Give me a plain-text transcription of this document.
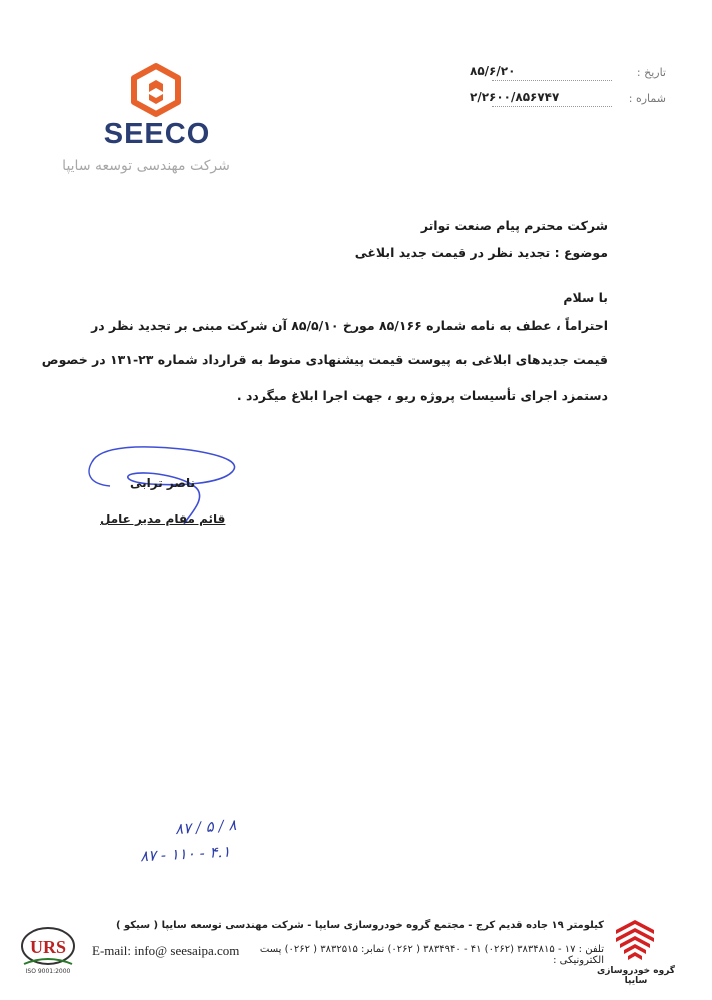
SEECO
شرکت مهندسی توسعه سایپا
تاریخ :
۸۵/۶/۲۰
شماره :
۲/۲۶۰۰/۸۵۶۷۴۷
شرکت محترم پیام صنعت تواتر
موضوع : تجدید نظر در قیمت جدید ابلاغی
با سلام
احتراماً ، عطف به نامه شماره ۸۵/۱۶۶ مورخ ۸۵/۵/۱۰ آن شرکت مبنی بر تجدید نظر در
قیمت جدیدهای ابلاغی به پیوست قیمت پیشنهادی منوط به قرارداد شماره ۲۳-۱۳۱ در خصوص
دستمزد اجرای تأسیسات پروژه ریو ، جهت اجرا ابلاغ میگردد .
ناصر ترابی
قائم مقام مدیر عامل
۸۷ / ۵ / ۸
۸۷ - ۱۱۰ - ۴.۱
کیلومتر ۱۹ جاده قدیم کرج - مجتمع گروه خودروسازی سایپا - شرکت مهندسی توسعه سایپا ( سیکو )
تلفن : ۱۷ - ۳۸۳۴۸۱۵ (۰۲۶۲) ۴۱ - ۳۸۳۴۹۴۰ ( ۰۲۶۲) نمابر: ۳۸۳۲۵۱۵ ( ۰۲۶۲) پست الکترونیکی :
E-mail: info@ seesaipa.com
URS
ISO 9001:2000	گروه خودروسازی سایپا
